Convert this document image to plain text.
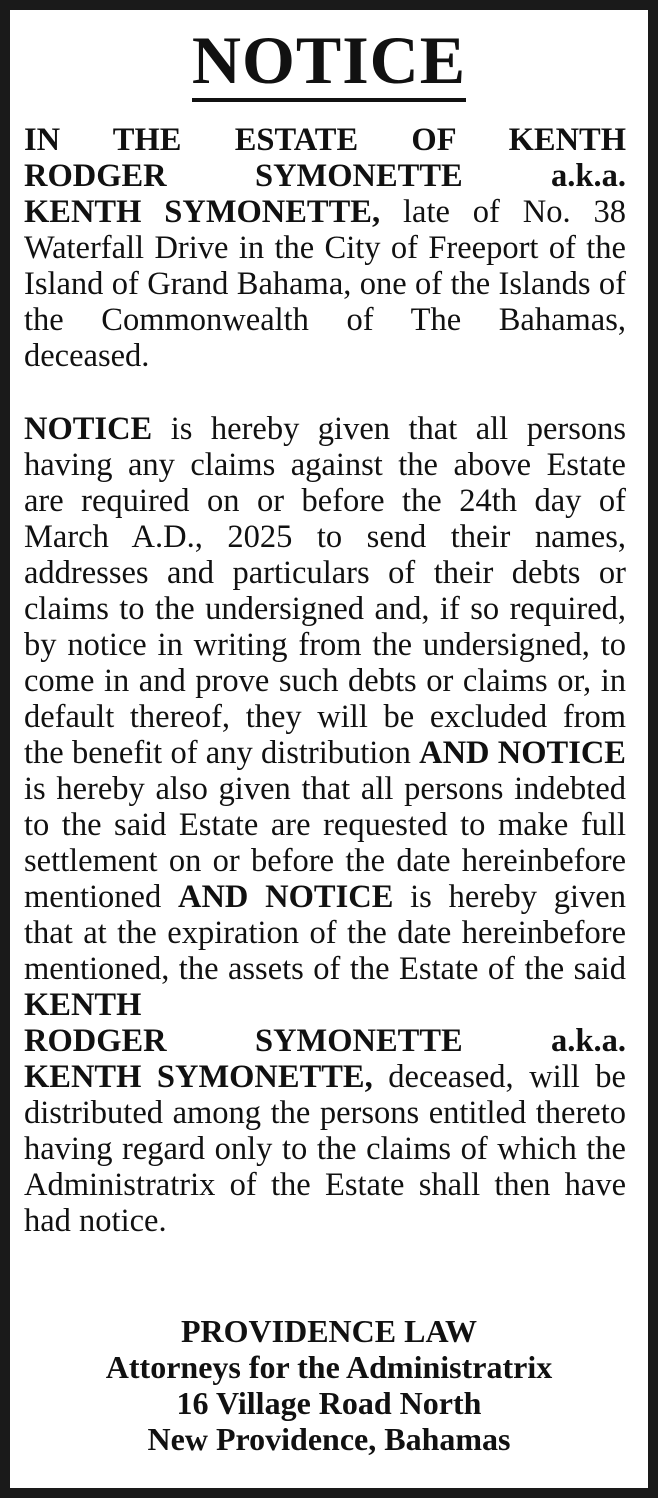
NOTICE
IN THE ESTATE OF KENTH
RODGER SYMONETTE a.k.a.
KENTH SYMONETTE, late of No. 38 Waterfall Drive in the City of Freeport of the Island of Grand Bahama, one of the Islands of the Commonwealth of The Bahamas, deceased.
NOTICE is hereby given that all persons having any claims against the above Estate are required on or before the 24th day of March A.D., 2025 to send their names, addresses and particulars of their debts or claims to the undersigned and, if so required, by notice in writing from the undersigned, to come in and prove such debts or claims or, in default thereof, they will be excluded from the benefit of any distribution AND NOTICE is hereby also given that all persons indebted to the said Estate are requested to make full settlement on or before the date hereinbefore mentioned AND NOTICE is hereby given that at the expiration of the date hereinbefore mentioned, the assets of the Estate of the said KENTH
RODGER SYMONETTE a.k.a.
KENTH SYMONETTE, deceased, will be distributed among the persons entitled thereto having regard only to the claims of which the Administratrix of the Estate shall then have had notice.
PROVIDENCE LAW
Attorneys for the Administratrix
16 Village Road North
New Providence, Bahamas
